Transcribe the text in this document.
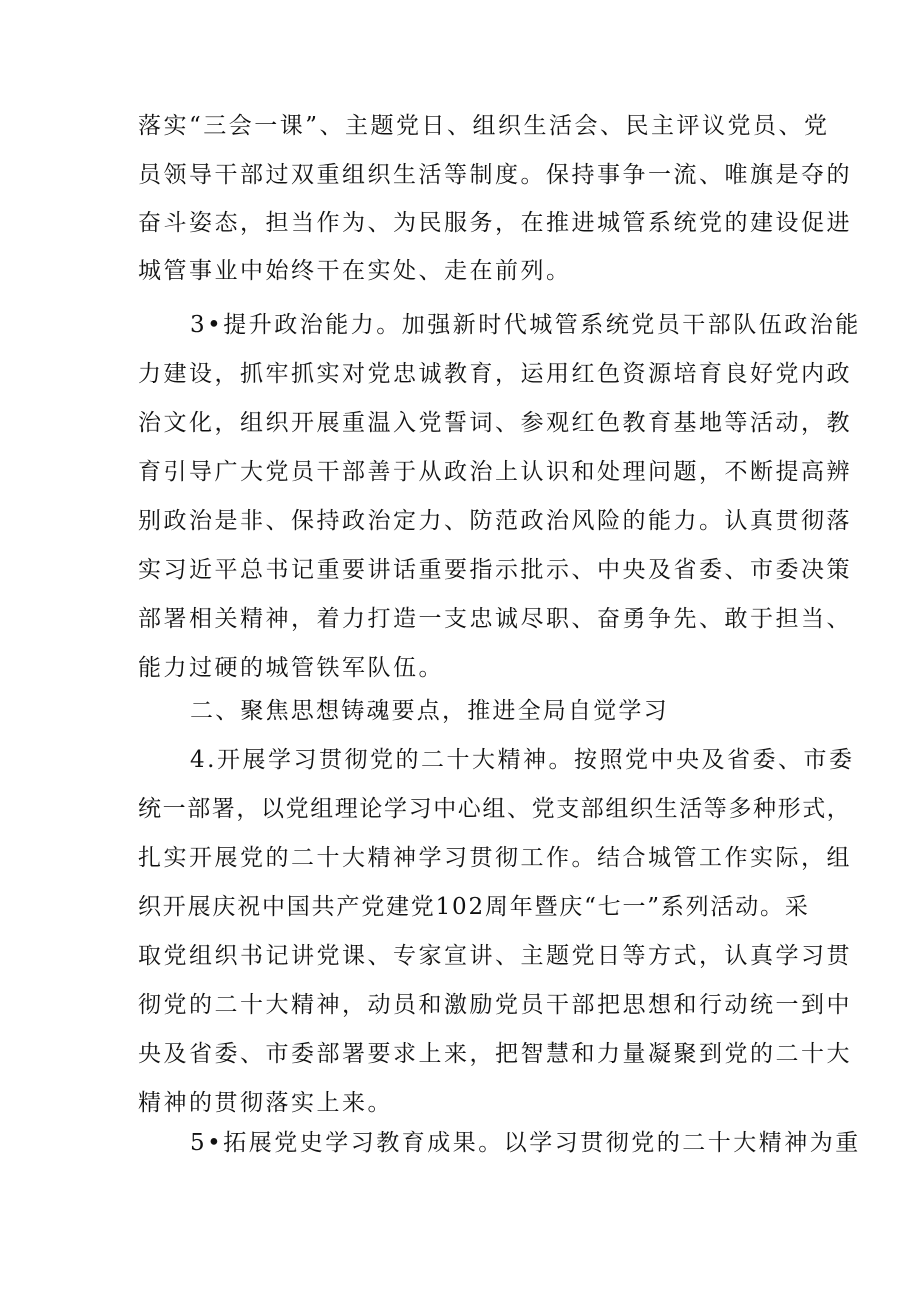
落实“三会一课”、主题党日、组织生活会、民主评议党员、党
员领导干部过双重组织生活等制度。保持事争一流、唯旗是夺的
奋斗姿态，担当作为、为民服务，在推进城管系统党的建设促进
城管事业中始终干在实处、走在前列。
3•提升政治能力。加强新时代城管系统党员干部队伍政治能
力建设，抓牢抓实对党忠诚教育，运用红色资源培育良好党内政
治文化，组织开展重温入党誓词、参观红色教育基地等活动，教
育引导广大党员干部善于从政治上认识和处理问题，不断提高辨
别政治是非、保持政治定力、防范政治风险的能力。认真贯彻落
实习近平总书记重要讲话重要指示批示、中央及省委、市委决策
部署相关精神，着力打造一支忠诚尽职、奋勇争先、敢于担当、
能力过硬的城管铁军队伍。
二、聚焦思想铸魂要点，推进全局自觉学习
4.开展学习贯彻党的二十大精神。按照党中央及省委、市委
统一部署，以党组理论学习中心组、党支部组织生活等多种形式，
扎实开展党的二十大精神学习贯彻工作。结合城管工作实际，组
织开展庆祝中国共产党建党102周年暨庆“七一”系列活动。采
取党组织书记讲党课、专家宣讲、主题党日等方式，认真学习贯
彻党的二十大精神，动员和激励党员干部把思想和行动统一到中
央及省委、市委部署要求上来，把智慧和力量凝聚到党的二十大
精神的贯彻落实上来。
5•拓展党史学习教育成果。以学习贯彻党的二十大精神为重
